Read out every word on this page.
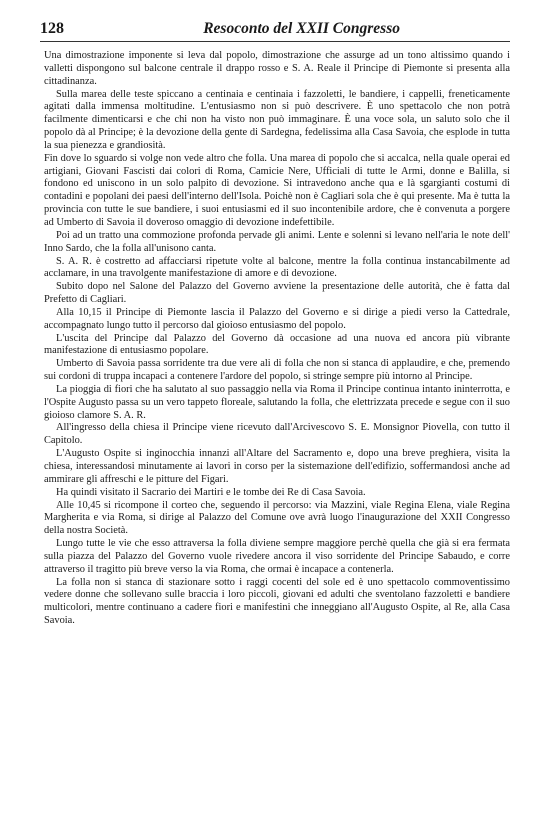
128	Resoconto del XXII Congresso

Una dimostrazione imponente si leva dal popolo, dimostrazione che assurge ad un tono altissimo quando i valletti dispongono sul balcone centrale il drappo rosso e S. A. Reale il Principe di Piemonte si presenta alla cittadinanza.

Sulla marea delle teste spiccano a centinaia e centinaia i fazzoletti, le bandiere, i cappelli, freneticamente agitati dalla immensa moltitudine. L'entusiasmo non si può descrivere. È uno spettacolo che non potrà facilmente dimenticarsi e che chi non ha visto non può immaginare. È una voce sola, un saluto solo che il popolo dà al Principe; è la devozione della gente di Sardegna, fedelissima alla Casa Savoia, che esplode in tutta la sua pienezza e grandiosità.

Fin dove lo sguardo si volge non vede altro che folla. Una marea di popolo che si accalca, nella quale operai ed artigiani, Giovani Fascisti dai colori di Roma, Camicie Nere, Ufficiali di tutte le Armi, donne e Balilla, si fondono ed uniscono in un solo palpito di devozione. Si intravedono anche qua e là sgargianti costumi di contadini e popolani dei paesi dell'interno dell'Isola. Poichè non è Cagliari sola che è qui presente. Ma è tutta la provincia con tutte le sue bandiere, i suoi entusiasmi ed il suo incontenibile ardore, che è convenuta a porgere ad Umberto di Savoia il doveroso omaggio di devozione indefettibile.

Poi ad un tratto una commozione profonda pervade gli animi. Lente e solenni si levano nell'aria le note dell' Inno Sardo, che la folla all'unisono canta.

S. A. R. è costretto ad affacciarsi ripetute volte al balcone, mentre la folla continua instancabilmente ad acclamare, in una travolgente manifestazione di amore e di devozione.

Subito dopo nel Salone del Palazzo del Governo avviene la presentazione delle autorità, che è fatta dal Prefetto di Cagliari.

Alla 10,15 il Principe di Piemonte lascia il Palazzo del Governo e si dirige a piedi verso la Cattedrale, accompagnato lungo tutto il percorso dal gioioso entusiasmo del popolo.

L'uscita del Principe dal Palazzo del Governo dà occasione ad una nuova ed ancora più vibrante manifestazione di entusiasmo popolare.

Umberto di Savoia passa sorridente tra due vere ali di folla che non si stanca di applaudire, e che, premendo sui cordoni di truppa incapaci a contenere l'ardore del popolo, si stringe sempre più intorno al Principe.

La pioggia di fiori che ha salutato al suo passaggio nella via Roma il Principe continua intanto ininterrotta, e l'Ospite Augusto passa su un vero tappeto floreale, salutando la folla, che elettrizzata precede e segue con il suo gioioso clamore S. A. R.

All'ingresso della chiesa il Principe viene ricevuto dall'Arcivescovo S. E. Monsignor Piovella, con tutto il Capitolo.

L'Augusto Ospite si inginocchia innanzi all'Altare del Sacramento e, dopo una breve preghiera, visita la chiesa, interessandosi minutamente ai lavori in corso per la sistemazione dell'edifizio, soffermandosi anche ad ammirare gli affreschi e le pitture del Figari.

Ha quindi visitato il Sacrario dei Martiri e le tombe dei Re di Casa Savoia.

Alle 10,45 si ricompone il corteo che, seguendo il percorso: via Mazzini, viale Regina Elena, viale Regina Margherita e via Roma, si dirige al Palazzo del Comune ove avrà luogo l'inaugurazione del XXII Congresso della nostra Società.

Lungo tutte le vie che esso attraversa la folla diviene sempre maggiore perchè quella che già si era fermata sulla piazza del Palazzo del Governo vuole rivedere ancora il viso sorridente del Principe Sabaudo, e corre attraverso il tragitto più breve verso la via Roma, che ormai è incapace a contenerla.

La folla non si stanca di stazionare sotto i raggi cocenti del sole ed è uno spettacolo commoventissimo vedere donne che sollevano sulle braccia i loro piccoli, giovani ed adulti che sventolano fazzoletti e bandiere multicolori, mentre continuano a cadere fiori e manifestini che inneggiano all'Augusto Ospite, al Re, alla Casa Savoia.
